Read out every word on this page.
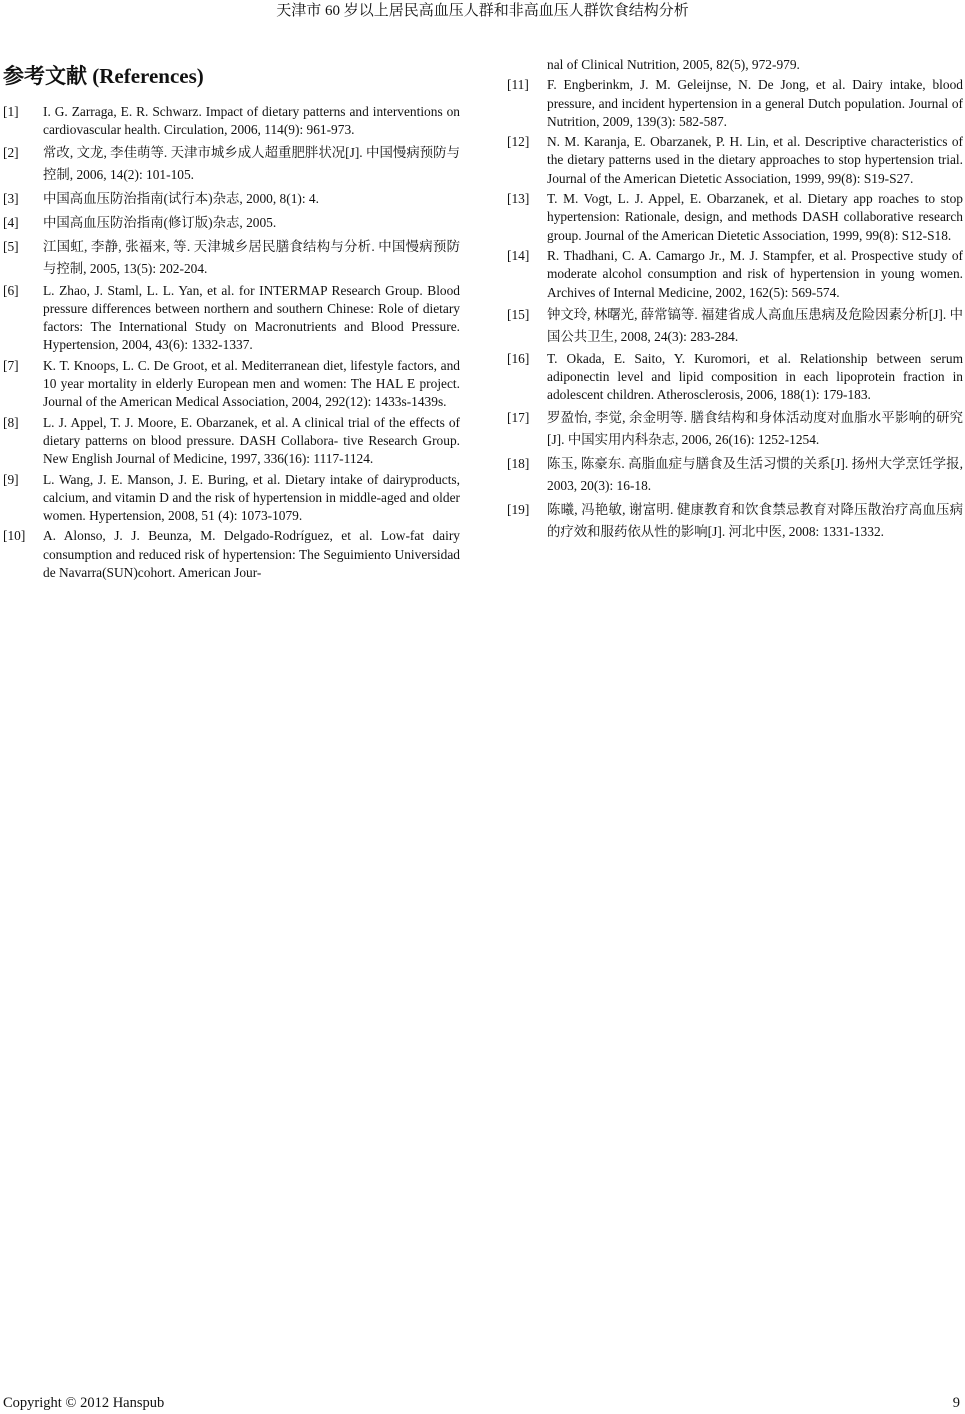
天津市 60 岁以上居民高血压人群和非高血压人群饮食结构分析
参考文献 (References)
[1] I. G. Zarraga, E. R. Schwarz. Impact of dietary patterns and interventions on cardiovascular health. Circulation, 2006, 114(9): 961-973.
[2] 常改, 文龙, 李佳萌等. 天津市城乡成人超重肥胖状况[J]. 中国慢病预防与控制, 2006, 14(2): 101-105.
[3] 中国高血压防治指南(试行本)杂志, 2000, 8(1): 4.
[4] 中国高血压防治指南(修订版)杂志, 2005.
[5] 江国虹, 李静, 张福来, 等. 天津城乡居民膳食结构与分析. 中国慢病预防与控制, 2005, 13(5): 202-204.
[6] L. Zhao, J. Staml, L. L. Yan, et al. for INTERMAP Research Group. Blood pressure differences between northern and southern Chinese: Role of dietary factors: The International Study on Macronutrients and Blood Pressure. Hypertension, 2004, 43(6): 1332-1337.
[7] K. T. Knoops, L. C. De Groot, et al. Mediterranean diet, lifestyle factors, and 10 year mortality in elderly European men and women: The HAL E project. Journal of the American Medical Association, 2004, 292(12): 1433s-1439s.
[8] L. J. Appel, T. J. Moore, E. Obarzanek, et al. A clinical trial of the effects of dietary patterns on blood pressure. DASH Collabora- tive Research Group. New English Journal of Medicine, 1997, 336(16): 1117-1124.
[9] L. Wang, J. E. Manson, J. E. Buring, et al. Dietary intake of dairyproducts, calcium, and vitamin D and the risk of hypertension in middle-aged and older women. Hypertension, 2008, 51 (4): 1073-1079.
[10] A. Alonso, J. J. Beunza, M. Delgado-Rodríguez, et al. Low-fat dairy consumption and reduced risk of hypertension: The Seguimiento Universidad de Navarra(SUN)cohort. American Jour-
nal of Clinical Nutrition, 2005, 82(5), 972-979.
[11] F. Engberinkm, J. M. Geleijnse, N. De Jong, et al. Dairy intake, blood pressure, and incident hypertension in a general Dutch population. Journal of Nutrition, 2009, 139(3): 582-587.
[12] N. M. Karanja, E. Obarzanek, P. H. Lin, et al. Descriptive characteristics of the dietary patterns used in the dietary approaches to stop hypertension trial. Journal of the American Dietetic Association, 1999, 99(8): S19-S27.
[13] T. M. Vogt, L. J. Appel, E. Obarzanek, et al. Dietary app roaches to stop hypertension: Rationale, design, and methods DASH collaborative research group. Journal of the American Dietetic Association, 1999, 99(8): S12-S18.
[14] R. Thadhani, C. A. Camargo Jr., M. J. Stampfer, et al. Prospective study of moderate alcohol consumption and risk of hypertension in young women. Archives of Internal Medicine, 2002, 162(5): 569-574.
[15] 钟文玲, 林曙光, 薛常镐等. 福建省成人高血压患病及危险因素分析[J]. 中国公共卫生, 2008, 24(3): 283-284.
[16] T. Okada, E. Saito, Y. Kuromori, et al. Relationship between serum adiponectin level and lipid composition in each lipoprotein fraction in adolescent children. Atherosclerosis, 2006, 188(1): 179-183.
[17] 罗盈怡, 李觉, 余金明等. 膳食结构和身体活动度对血脂水平影响的研究[J]. 中国实用内科杂志, 2006, 26(16): 1252-1254.
[18] 陈玉, 陈豪东. 高脂血症与膳食及生活习惯的关系[J]. 扬州大学烹饪学报, 2003, 20(3): 16-18.
[19] 陈曦, 冯艳敏, 谢富明. 健康教育和饮食禁忌教育对降压散治疗高血压病的疗效和服药依从性的影响[J]. 河北中医, 2008: 1331-1332.
Copyright © 2012 Hanspub	9
